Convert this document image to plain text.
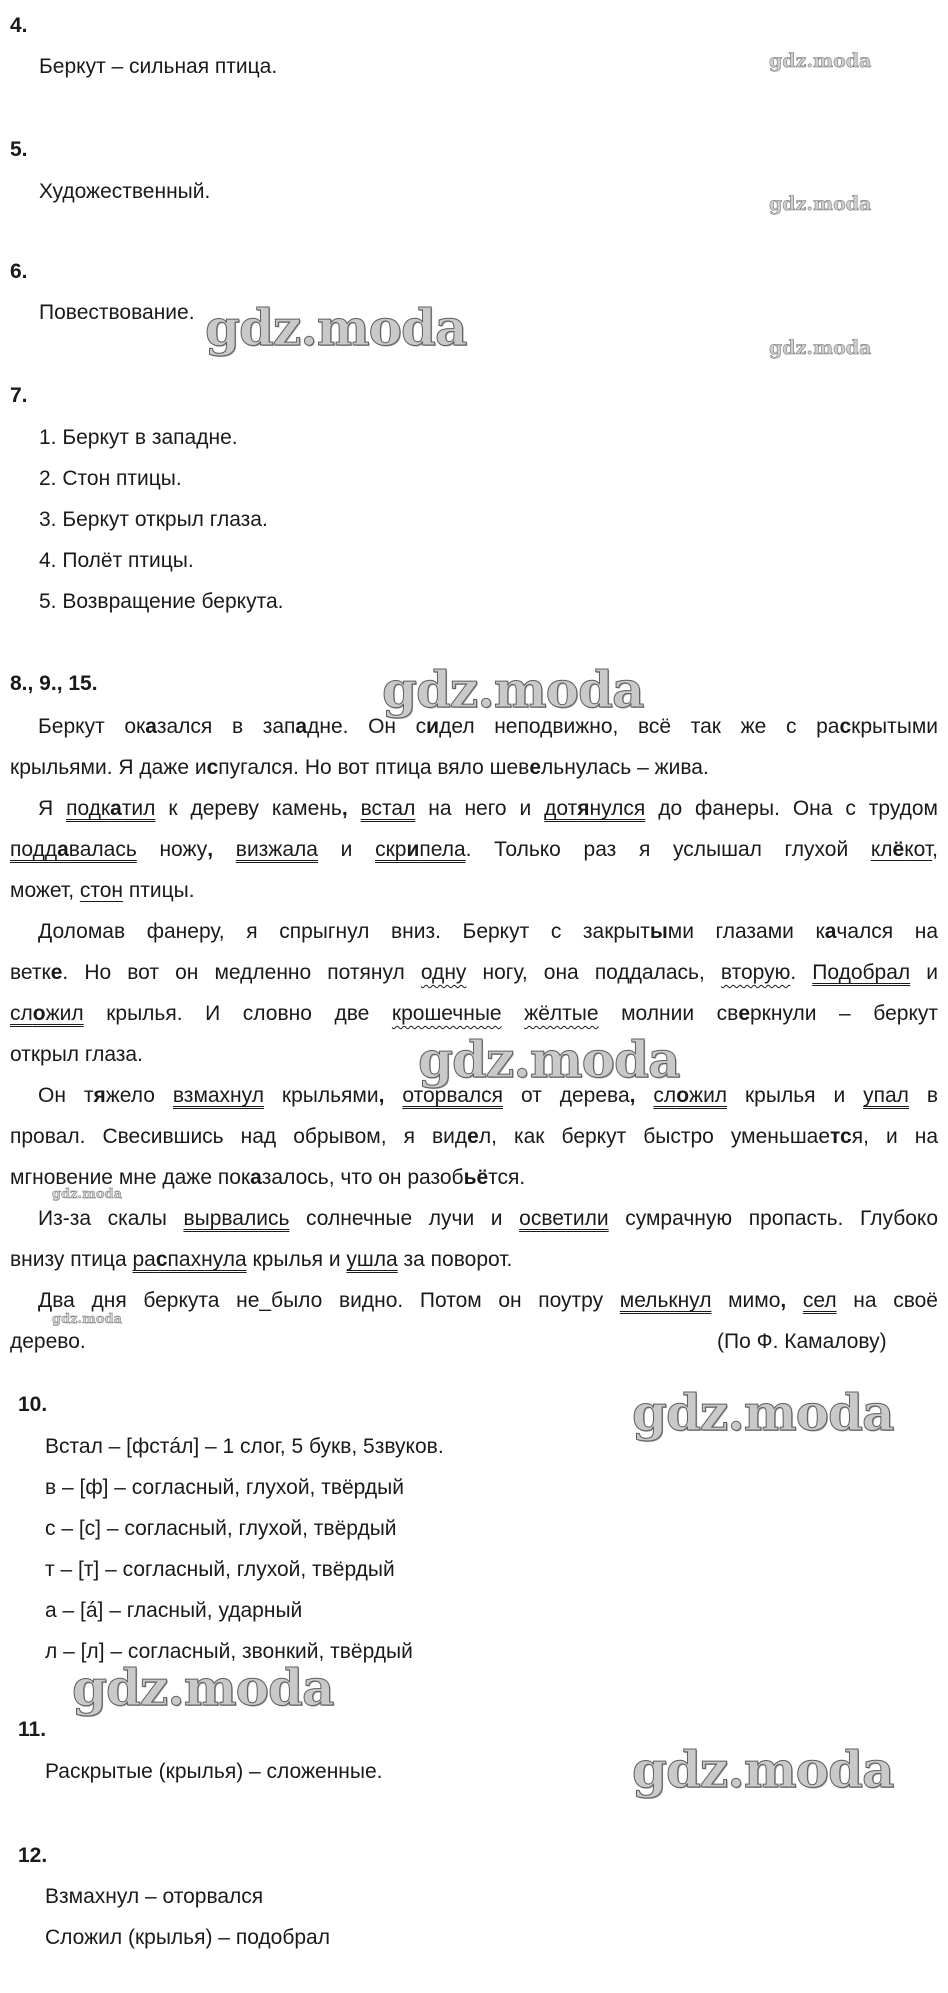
4.
Беркут – сильная птица.	gdz.moda
5.
Художественный.
gdz.moda
6.
Повествование. gdz.moda	gdz.moda
7.
1. Беркут в западне.
2. Стон птицы.
3. Беркут открыл глаза.
4. Полёт птицы.
5. Возвращение беркута.
8., 9., 15.	gdz.moda
Беркут оказался в западне. Он сидел неподвижно, всё так же с раскрытыми
крыльями. Я даже испугался. Но вот птица вяло шевельнулась – жива.
Я подкатил к дереву камень, встал на него и дотянулся до фанеры. Она с трудом
поддавалась ножу, визжала и скрипела. Только раз я услышал глухой клёкот,
может, стон птицы.
Доломав фанеру, я спрыгнул вниз. Беркут с закрытыми глазами качался на
ветке. Но вот он медленно потянул одну ногу, она поддалась, вторую. Подобрал и
сложил крылья. И словно две крошечные жёлтые молнии сверкнули – беркут
открыл глаза.	gdz.moda
Он тяжело взмахнул крыльями, оторвался от дерева, сложил крылья и упал в
провал. Свесившись над обрывом, я видел, как беркут быстро уменьшается, и на
мгновение мне даже показалось, что он разобьётся.
gdz.moda
Из-за скалы вырвались солнечные лучи и осветили сумрачную пропасть. Глубоко
внизу птица распахнула крылья и ушла за поворот.
Два дня беркута не_было видно. Потом он поутру мелькнул мимо, сел на своё
gdz.moda
дерево.	(По Ф. Камалову)
10.	gdz.moda
Встал – [фстáл] – 1 слог, 5 букв, 5звуков.
в – [ф] – согласный, глухой, твёрдый
с – [с] – согласный, глухой, твёрдый
т – [т] – согласный, глухой, твёрдый
а – [á] – гласный, ударный
л – [л] – согласный, звонкий, твёрдый
gdz.moda
11.
Раскрытые (крылья) – сложенные.	gdz.moda
12.
Взмахнул – оторвался
Сложил (крылья) – подобрал
